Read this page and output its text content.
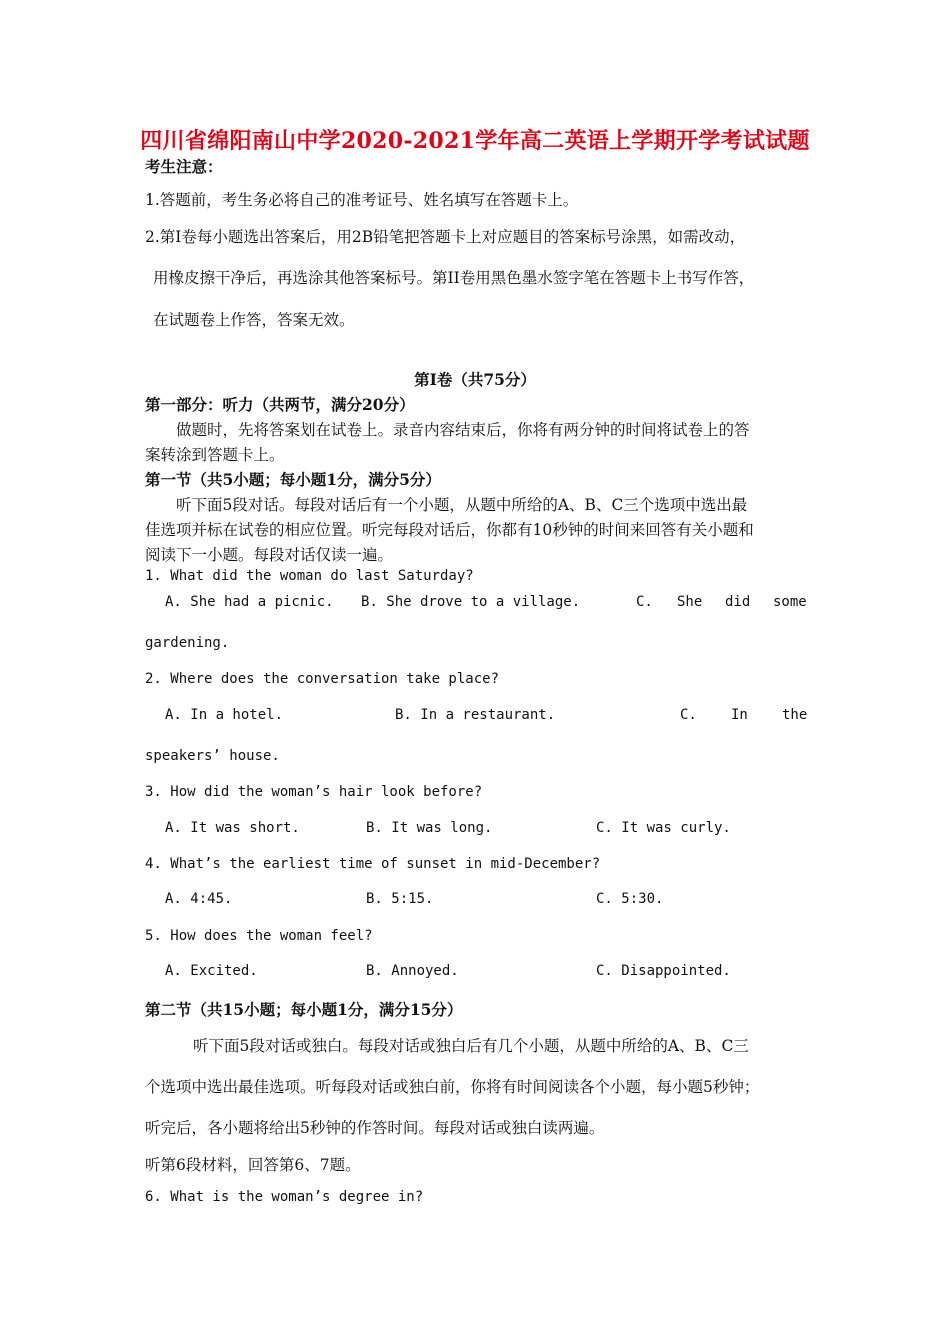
四川省绵阳南山中学2020-2021学年高二英语上学期开学考试试题
考生注意：
1.答题前，考生务必将自己的准考证号、姓名填写在答题卡上。
2.第Ⅰ卷每小题选出答案后，用2B铅笔把答题卡上对应题目的答案标号涂黑，如需改动，
用橡皮擦干净后，再选涂其他答案标号。第II卷用黑色墨水签字笔在答题卡上书写作答，
在试题卷上作答，答案无效。
第Ⅰ卷（共75分）
第一部分：听力（共两节，满分20分）
做题时，先将答案划在试卷上。录音内容结束后，你将有两分钟的时间将试卷上的答
案转涂到答题卡上。
第一节（共5小题；每小题1分，满分5分）
听下面5段对话。每段对话后有一个小题，从题中所给的A、B、C三个选项中选出最
佳选项并标在试卷的相应位置。听完每段对话后，你都有10秒钟的时间来回答有关小题和
阅读下一小题。每段对话仅读一遍。
1. What did the woman do last Saturday?
A. She had a picnic. B. She drove to a village.	C. She did some
gardening.
2. Where does the conversation take place?
A. In a hotel.	B. In a restaurant.	C. In the
speakers’ house.
3. How did the woman’s hair look before?
A. It was short.	B. It was long.	C. It was curly.
4. What’s the earliest time of sunset in mid-December?
A. 4:45.	B. 5:15.	C. 5:30.
5. How does the woman feel?
A. Excited.	B. Annoyed.	C. Disappointed.
第二节（共15小题；每小题1分，满分15分）
听下面5段对话或独白。每段对话或独白后有几个小题，从题中所给的A、B、C三
个选项中选出最佳选项。听每段对话或独白前，你将有时间阅读各个小题，每小题5秒钟；
听完后，各小题将给出5秒钟的作答时间。每段对话或独白读两遍。
听第6段材料，回答第6、7题。
6. What is the woman’s degree in?
